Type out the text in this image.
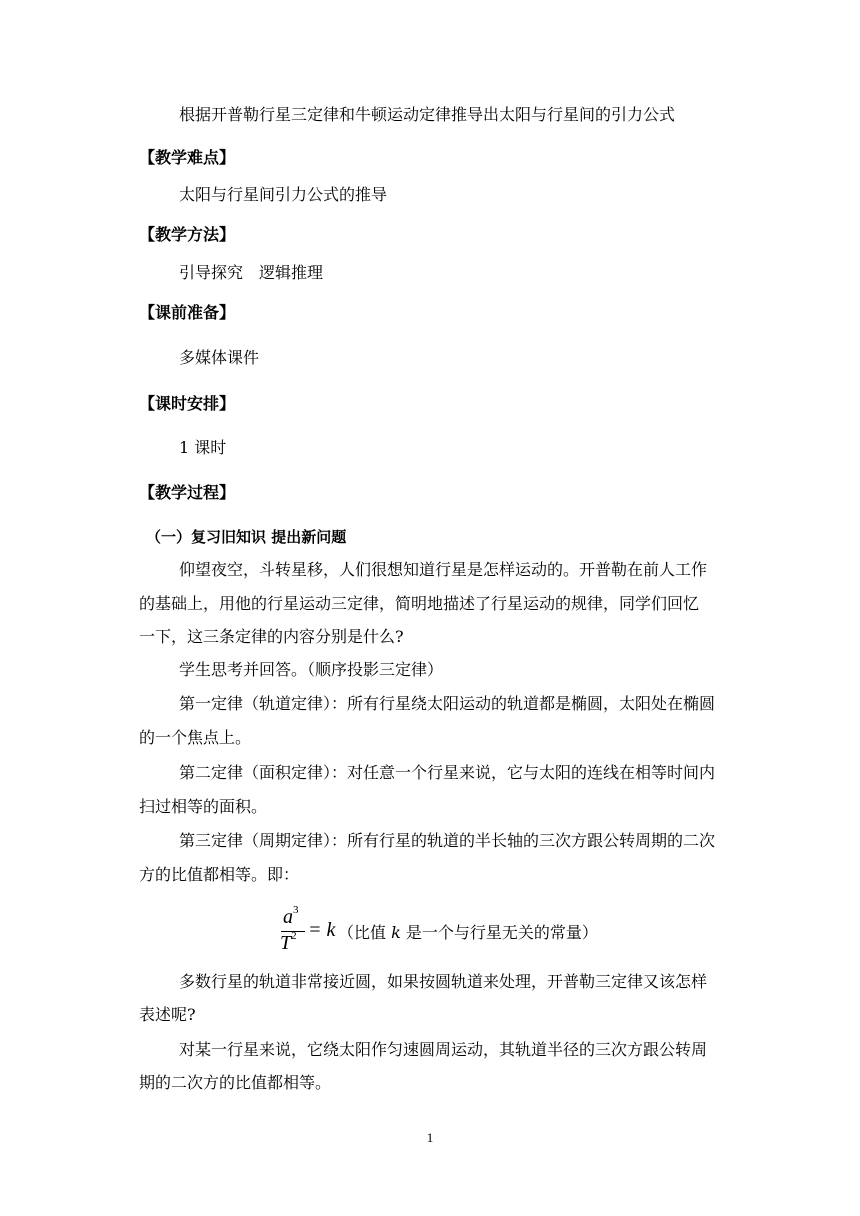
根据开普勒行星三定律和牛顿运动定律推导出太阳与行星间的引力公式
【教学难点】
太阳与行星间引力公式的推导
【教学方法】
引导探究　逻辑推理
【课前准备】
多媒体课件
【课时安排】
1 课时
【教学过程】
（一）复习旧知识 提出新问题
仰望夜空，斗转星移，人们很想知道行星是怎样运动的。开普勒在前人工作
的基础上，用他的行星运动三定律，简明地描述了行星运动的规律，同学们回忆
一下，这三条定律的内容分别是什么?
学生思考并回答。（顺序投影三定律）
第一定律（轨道定律）：所有行星绕太阳运动的轨道都是椭圆，太阳处在椭圆
的一个焦点上。
第二定律（面积定律）：对任意一个行星来说，它与太阳的连线在相等时间内
扫过相等的面积。
第三定律（周期定律）：所有行星的轨道的半长轴的三次方跟公转周期的二次
方的比值都相等。即：
$a^3$
$T^2 = k$ （比值 k 是一个与行星无关的常量）
多数行星的轨道非常接近圆，如果按圆轨道来处理，开普勒三定律又该怎样
表述呢?
对某一行星来说，它绕太阳作匀速圆周运动，其轨道半径的三次方跟公转周
期的二次方的比值都相等。
1
